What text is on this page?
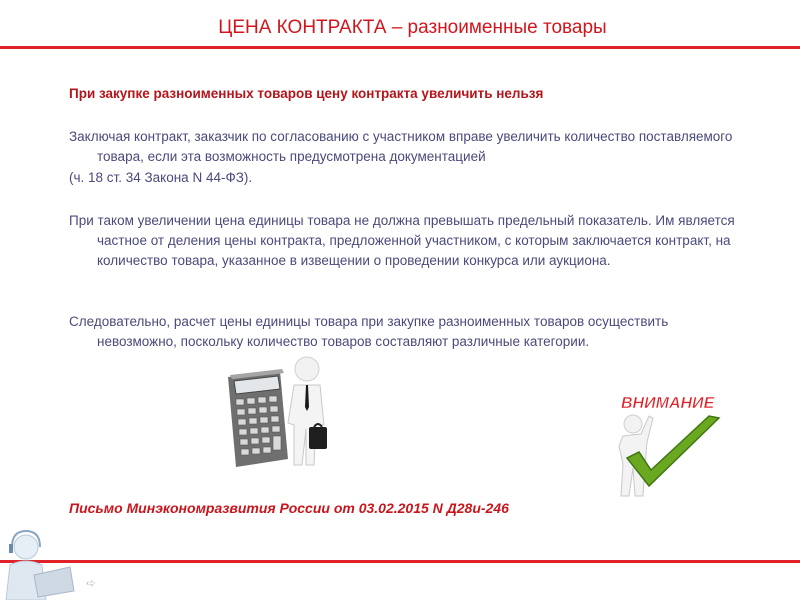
ЦЕНА КОНТРАКТА – разноименные товары
При закупке разноименных товаров цену контракта увеличить нельзя
Заключая контракт, заказчик по согласованию с участником вправе увеличить количество поставляемого товара, если эта возможность предусмотрена документацией
(ч. 18 ст. 34 Закона N 44-ФЗ).
При таком увеличении цена единицы товара не должна превышать предельный показатель. Им является частное от деления цены контракта, предложенной участником, с которым заключается контракт, на количество товара, указанное в извещении о проведении конкурса или аукциона.
Следовательно, расчет цены единицы товара при закупке разноименных товаров осуществить невозможно, поскольку количество товаров составляют различные категории.
ВНИМАНИЕ
Письмо Минэкономразвития России от 03.02.2015 N Д28и-246
➪
